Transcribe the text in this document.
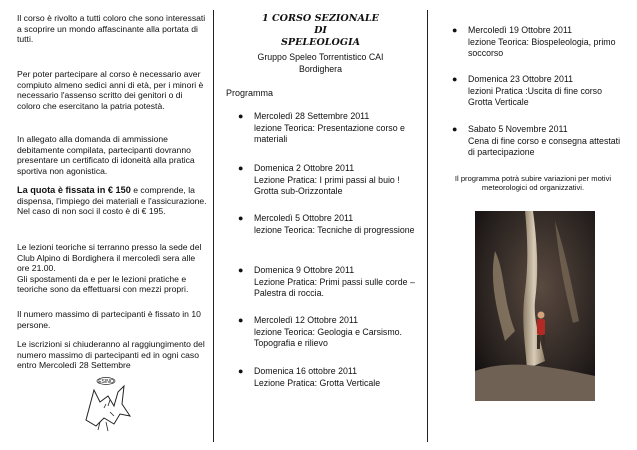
Il corso è rivolto a tutti coloro che sono interessati a scoprire un mondo affascinante alla portata di tutti.

Per poter partecipare al corso è necessario aver compiuto almeno sedici anni di età, per i minori è necessario l'assenso scritto dei genitori o di coloro che esercitano la patria potestà.

In allegato alla domanda di ammissione debitamente compilata, partecipanti dovranno presentare un certificato di idoneità alla pratica sportiva non agonistica.

La quota è fissata in € 150 e comprende, la dispensa, l'impiego dei materiali e l'assicurazione. Nel caso di non soci il costo è di € 195.

Le lezioni teoriche si terranno presso la sede del Club Alpino di Bordighera il mercoledì sera alle ore 21.00.
Gli spostamenti da e per le lezioni pratiche e teoriche sono da effettuarsi con mezzi propri.

Il numero massimo di partecipanti è fissato in 10 persone.

Le iscrizioni si chiuderanno al raggiungimento del numero massimo di partecipanti ed in ogni caso entro Mercoledì 28 Settembre

ESINO
1 CORSO SEZIONALE
DI
SPELEOLOGIA
Gruppo Speleo Torrentistico CAI
Bordighera
Programma
● Mercoledì 28 Settembre 2011
lezione Teorica: Presentazione corso e materiali
● Domenica 2 Ottobre 2011
Lezione Pratica: I primi passi al buio ! Grotta sub-Orizzontale
● Mercoledì 5 Ottobre 2011
lezione Teorica: Tecniche di progressione
● Domenica 9 Ottobre 2011
Lezione Pratica: Primi passi sulle corde – Palestra di roccia.
● Mercoledì 12 Ottobre 2011
lezione Teorica: Geologia e Carsismo. Topografia e rilievo
● Domenica 16 ottobre 2011
Lezione Pratica: Grotta Verticale
● Mercoledì 19 Ottobre 2011
lezione Teorica: Biospeleologia, primo soccorso
● Domenica 23 Ottobre 2011
lezioni Pratica :Uscita di fine corso Grotta Verticale
● Sabato 5 Novembre 2011
Cena di fine corso e consegna attestati di partecipazione
Il programma potrà subire variazioni per motivi meteorologici od organizzativi.
